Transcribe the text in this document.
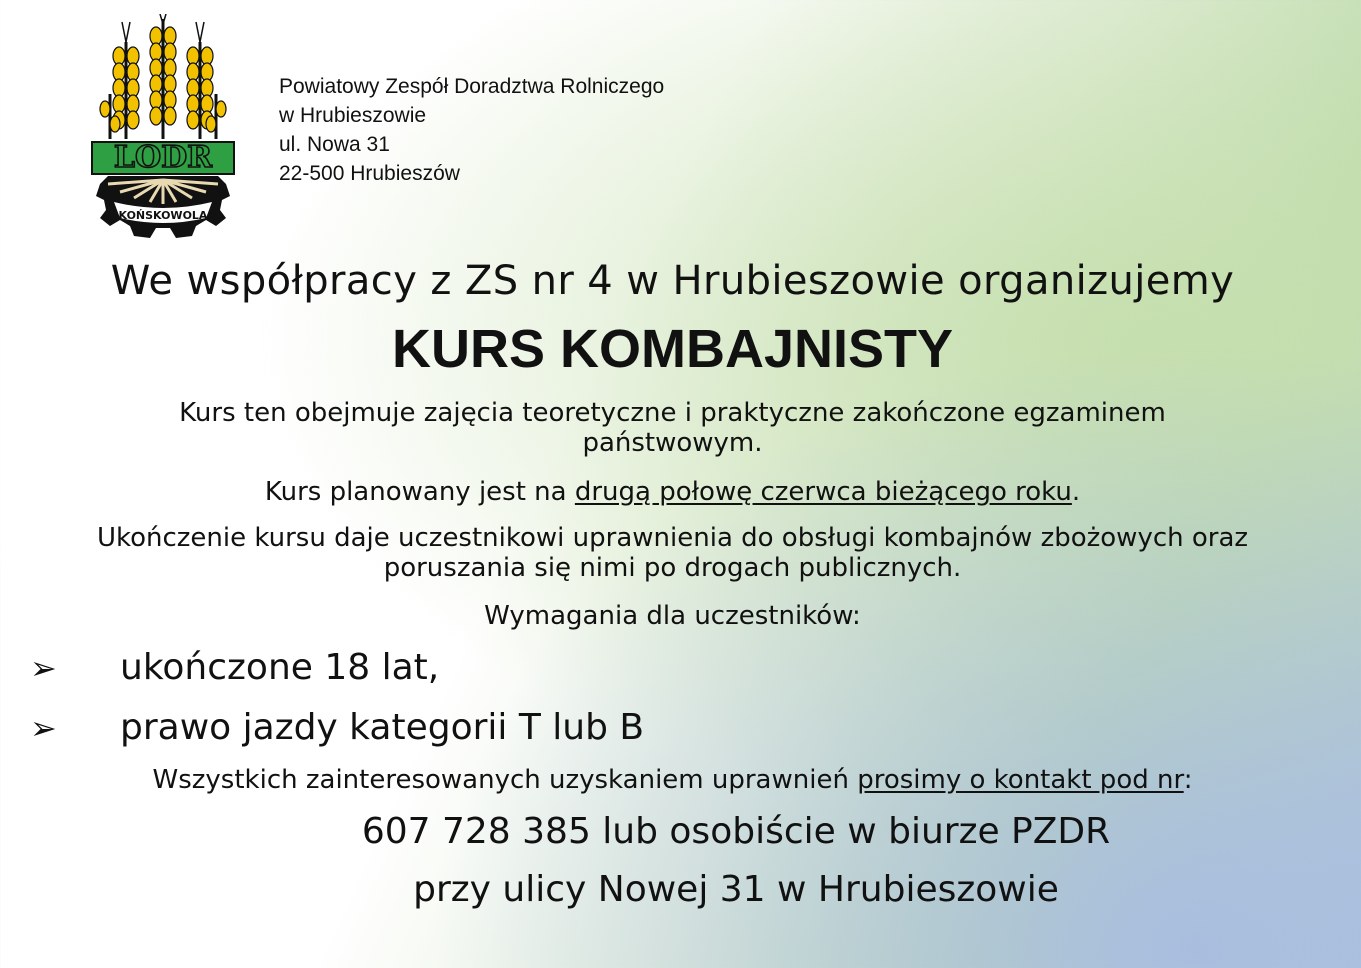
KOŃSKOWOLA
LODR
Powiatowy Zespół Doradztwa Rolniczego
w Hrubieszowie
ul. Nowa 31
22-500 Hrubieszów
We współpracy z ZS nr 4 w Hrubieszowie organizujemy
KURS KOMBAJNISTY
Kurs ten obejmuje zajęcia teoretyczne i praktyczne zakończone egzaminem państwowym.
Kurs planowany jest na drugą połowę czerwca bieżącego roku.
Ukończenie kursu daje uczestnikowi uprawnienia do obsługi kombajnów zbożowych oraz poruszania się nimi po drogach publicznych.
Wymagania dla uczestników:
➢ ukończone 18 lat,
➢ prawo jazdy kategorii T lub B
Wszystkich zainteresowanych uzyskaniem uprawnień prosimy o kontakt pod nr:
607 728 385 lub osobiście w biurze PZDR
przy ulicy Nowej 31 w Hrubieszowie
